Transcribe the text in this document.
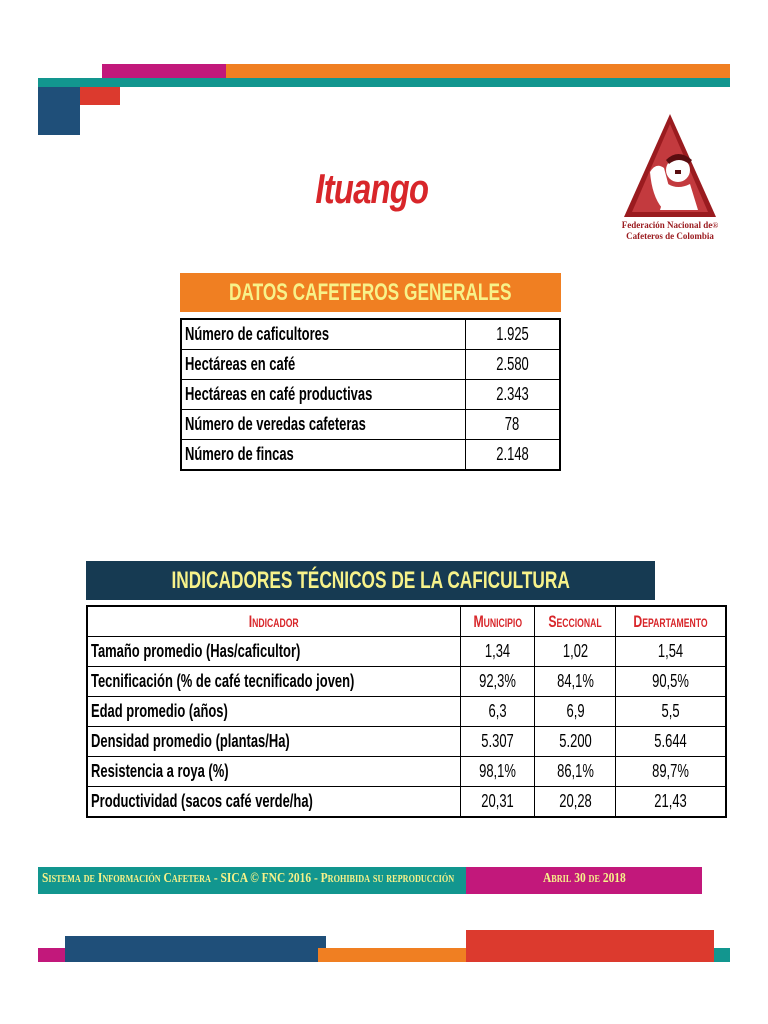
Ituango
Federación Nacional de®
Cafeteros de Colombia
DATOS CAFETEROS GENERALES
Número de caficultores	1.925
Hectáreas en café	2.580
Hectáreas en café productivas	2.343
Número de veredas cafeteras	78
Número de fincas	2.148
INDICADORES TÉCNICOS DE LA CAFICULTURA
Indicador	Municipio	Seccional	Departamento
Tamaño promedio (Has/caficultor)	1,34	1,02	1,54
Tecnificación (% de café tecnificado joven)	92,3%	84,1%	90,5%
Edad promedio (años)	6,3	6,9	5,5
Densidad promedio (plantas/Ha)	5.307	5.200	5.644
Resistencia a roya (%)	98,1%	86,1%	89,7%
Productividad (sacos café verde/ha)	20,31	20,28	21,43
Sistema de Información Cafetera - SICA © FNC 2016 - Prohibida su reproducción	Abril 30 de 2018
